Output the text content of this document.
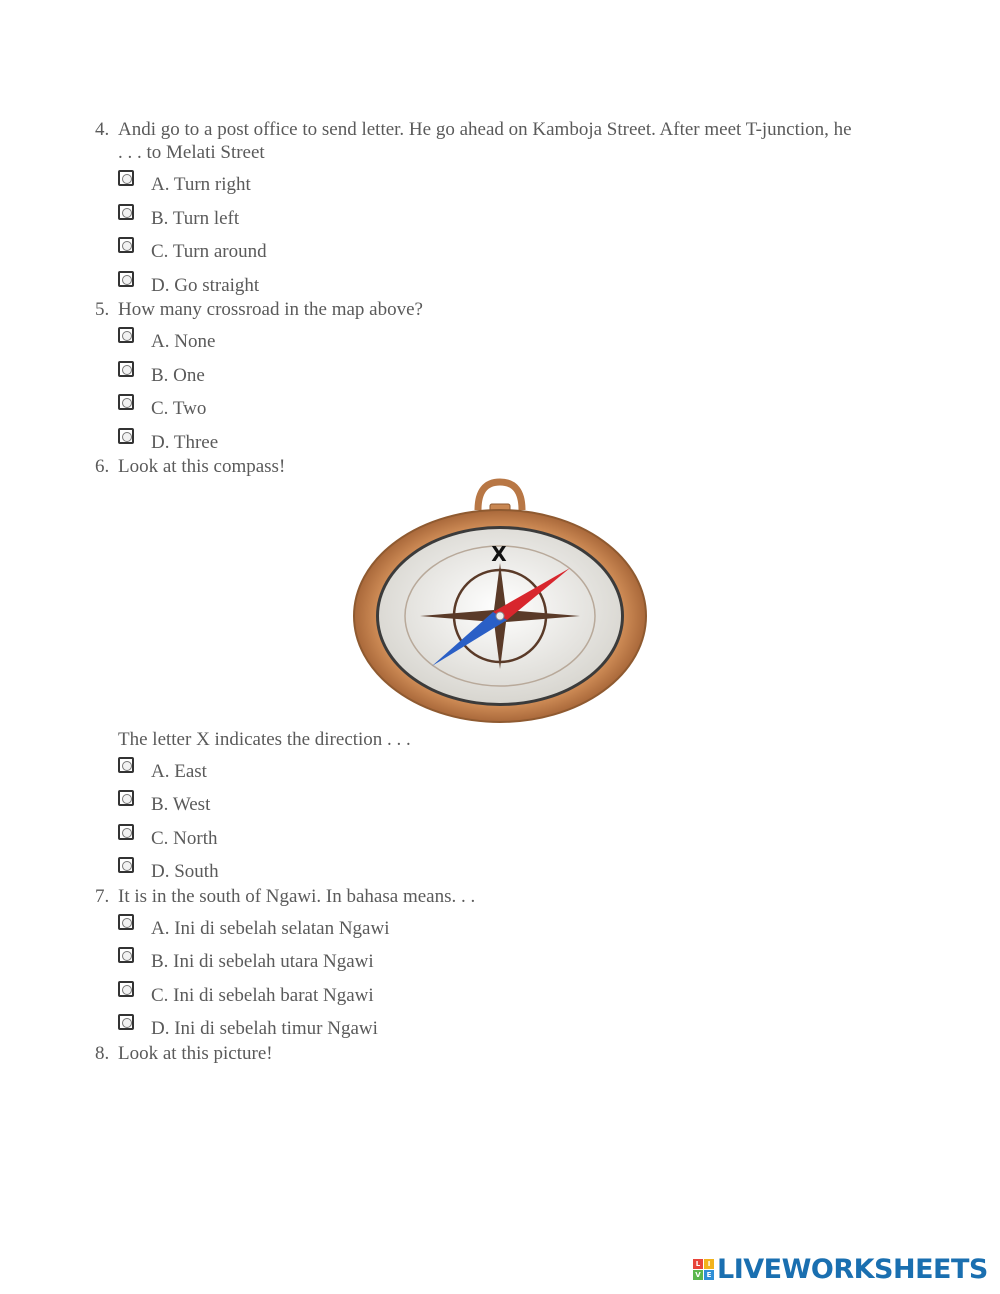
4. Andi go to a post office to send letter. He go ahead on Kamboja Street. After meet T-junction, he
. . . to Melati Street
A. Turn right
B. Turn left
C. Turn around
D. Go straight
5. How many crossroad in the map above?
A. None
B. One
C. Two
D. Three
6. Look at this compass!
X
The letter X indicates the direction . . .
A. East
B. West
C. North
D. South
7. It is in the south of Ngawi. In bahasa means. . .
A. Ini di sebelah selatan Ngawi
B. Ini di sebelah utara Ngawi
C. Ini di sebelah barat Ngawi
D. Ini di sebelah timur Ngawi
8. Look at this picture!
L	I
V E LIVEWORKSHEETS
